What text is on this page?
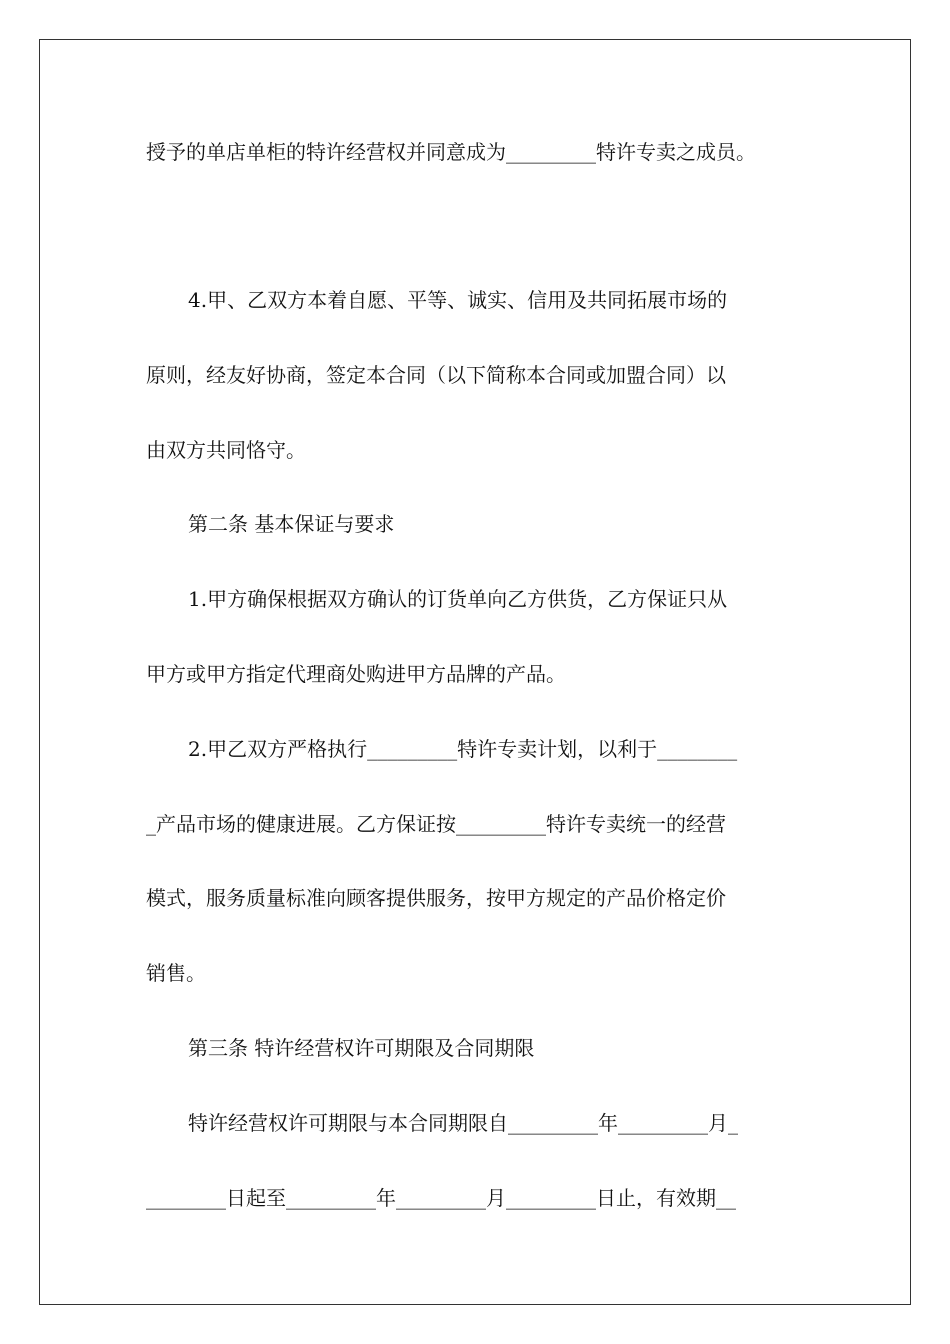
授予的单店单柜的特许经营权并同意成为_________特许专卖之成员。

4.甲、乙双方本着自愿、平等、诚实、信用及共同拓展市场的

原则，经友好协商，签定本合同（以下简称本合同或加盟合同）以

由双方共同恪守。

第二条 基本保证与要求

1.甲方确保根据双方确认的订货单向乙方供货，乙方保证只从

甲方或甲方指定代理商处购进甲方品牌的产品。

2.甲乙双方严格执行_________特许专卖计划，以利于________

_产品市场的健康进展。乙方保证按_________特许专卖统一的经营

模式，服务质量标准向顾客提供服务，按甲方规定的产品价格定价

销售。

第三条 特许经营权许可期限及合同期限

特许经营权许可期限与本合同期限自_________年_________月_

________日起至_________年_________月_________日止，有效期__
